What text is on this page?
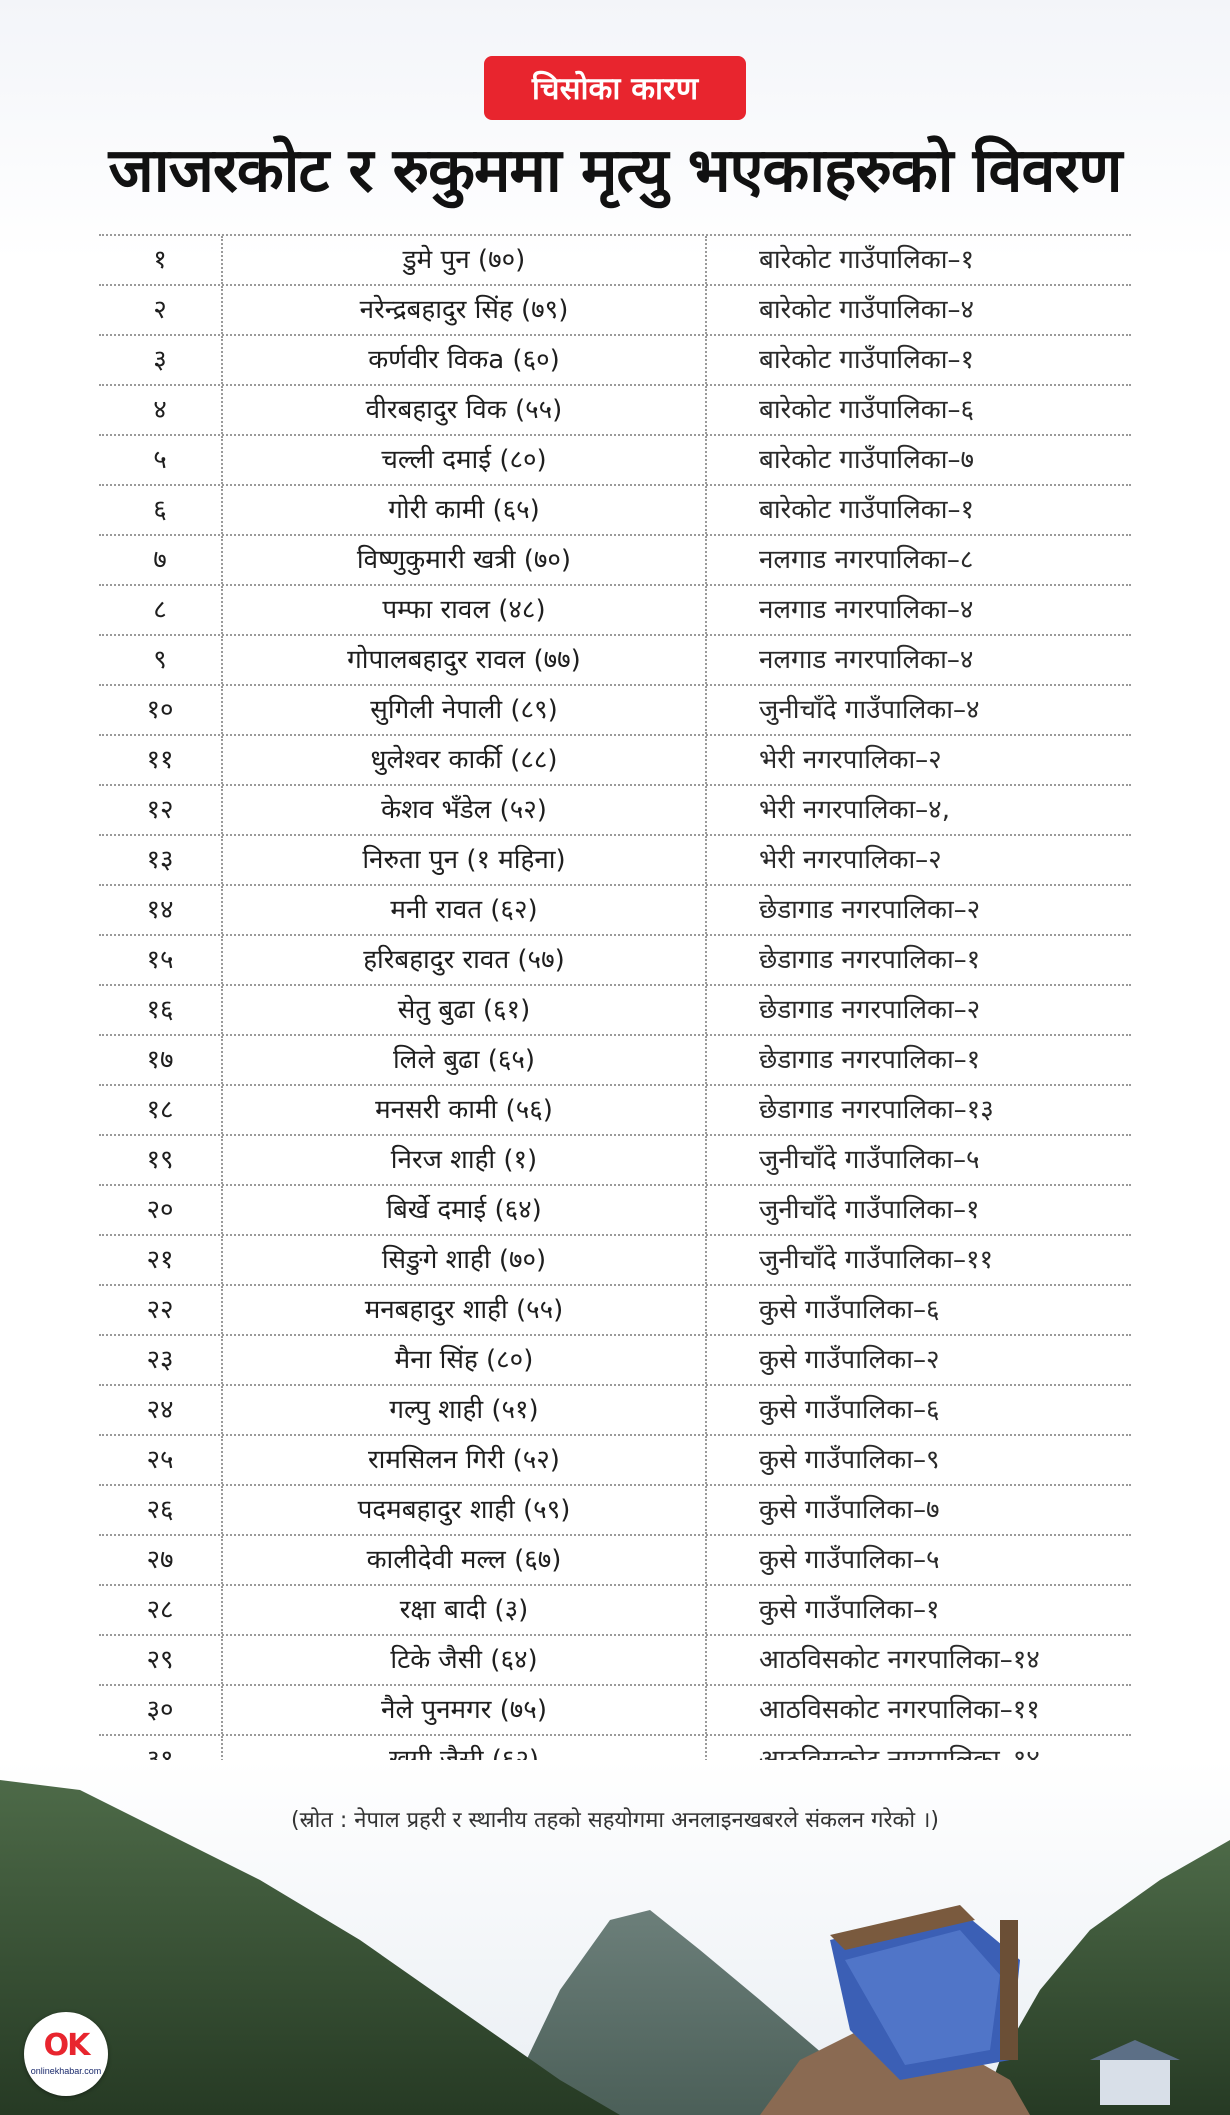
चिसोका कारण
जाजरकोट र रुकुममा मृत्यु भएकाहरुको विवरण
१	डुमे पुन (७०)	बारेकोट गाउँपालिका–१
२	नरेन्द्रबहादुर सिंह (७९)	बारेकोट गाउँपालिका–४
३	कर्णवीर विकa (६०)	बारेकोट गाउँपालिका–१
४	वीरबहादुर विक (५५)	बारेकोट गाउँपालिका–६
५	चल्ली दमाई (८०)	बारेकोट गाउँपालिका–७
६	गोरी कामी (६५)	बारेकोट गाउँपालिका–१
७	विष्णुकुमारी खत्री (७०)	नलगाड नगरपालिका–८
८	पम्फा रावल (४८)	नलगाड नगरपालिका–४
९	गोपालबहादुर रावल (७७)	नलगाड नगरपालिका–४
१०	सुगिली नेपाली (८९)	जुनीचाँदे गाउँपालिका–४
११	धुलेश्वर कार्की (८८)	भेरी नगरपालिका–२
१२	केशव भँडेल (५२)	भेरी नगरपालिका–४,
१३	निरुता पुन (१ महिना)	भेरी नगरपालिका–२
१४	मनी रावत (६२)	छेडागाड नगरपालिका–२
१५	हरिबहादुर रावत (५७)	छेडागाड नगरपालिका–१
१६	सेतु बुढा (६१)	छेडागाड नगरपालिका–२
१७	लिले बुढा (६५)	छेडागाड नगरपालिका–१
१८	मनसरी कामी (५६)	छेडागाड नगरपालिका–१३
१९	निरज शाही (१)	जुनीचाँदे गाउँपालिका–५
२०	बिर्खे दमाई (६४)	जुनीचाँदे गाउँपालिका–१
२१	सिङुगे शाही (७०)	जुनीचाँदे गाउँपालिका–११
२२	मनबहादुर शाही (५५)	कुसे गाउँपालिका–६
२३	मैना सिंह (८०)	कुसे गाउँपालिका–२
२४	गल्पु शाही (५१)	कुसे गाउँपालिका–६
२५	रामसिलन गिरी (५२)	कुसे गाउँपालिका–९
२६	पदमबहादुर शाही (५९)	कुसे गाउँपालिका–७
२७	कालीदेवी मल्ल (६७)	कुसे गाउँपालिका–५
२८	रक्षा बादी (३)	कुसे गाउँपालिका–१
२९	टिके जैसी (६४)	आठविसकोट नगरपालिका–१४
३०	नैले पुनमगर (७५)	आठविसकोट नगरपालिका–११
(स्रोत : नेपाल प्रहरी र स्थानीय तहको सहयोगमा अनलाइनखबरले संकलन गरेको ।)
OK
onlinekhabar.com
